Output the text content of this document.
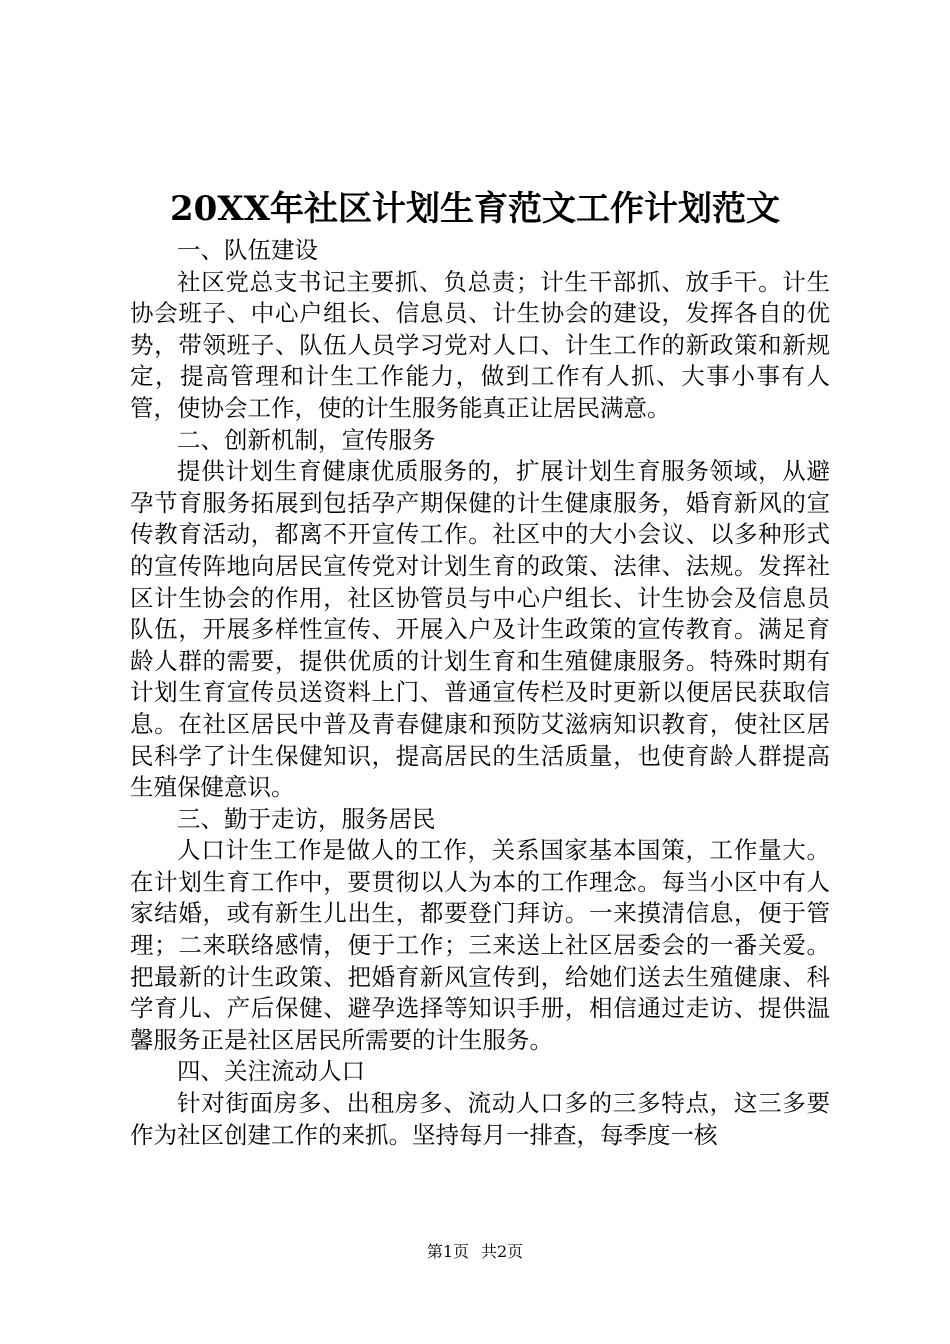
20XX年社区计划生育范文工作计划范文

一、队伍建设

社区党总支书记主要抓、负总责；计生干部抓、放手干。计生协会班子、中心户组长、信息员、计生协会的建设，发挥各自的优势，带领班子、队伍人员学习党对人口、计生工作的新政策和新规定，提高管理和计生工作能力，做到工作有人抓、大事小事有人管，使协会工作，使的计生服务能真正让居民满意。

二、创新机制，宣传服务

提供计划生育健康优质服务的，扩展计划生育服务领域，从避孕节育服务拓展到包括孕产期保健的计生健康服务，婚育新风的宣传教育活动，都离不开宣传工作。社区中的大小会议、以多种形式的宣传阵地向居民宣传党对计划生育的政策、法律、法规。发挥社区计生协会的作用，社区协管员与中心户组长、计生协会及信息员队伍，开展多样性宣传、开展入户及计生政策的宣传教育。满足育龄人群的需要，提供优质的计划生育和生殖健康服务。特殊时期有计划生育宣传员送资料上门、普通宣传栏及时更新以便居民获取信息。在社区居民中普及青春健康和预防艾滋病知识教育，使社区居民科学了计生保健知识，提高居民的生活质量，也使育龄人群提高生殖保健意识。

三、勤于走访，服务居民

人口计生工作是做人的工作，关系国家基本国策，工作量大。在计划生育工作中，要贯彻以人为本的工作理念。每当小区中有人家结婚，或有新生儿出生，都要登门拜访。一来摸清信息，便于管理；二来联络感情，便于工作；三来送上社区居委会的一番关爱。把最新的计生政策、把婚育新风宣传到，给她们送去生殖健康、科学育儿、产后保健、避孕选择等知识手册，相信通过走访、提供温馨服务正是社区居民所需要的计生服务。

四、关注流动人口

针对街面房多、出租房多、流动人口多的三多特点，这三多要作为社区创建工作的来抓。坚持每月一排查，每季度一核

第1页 共2页
